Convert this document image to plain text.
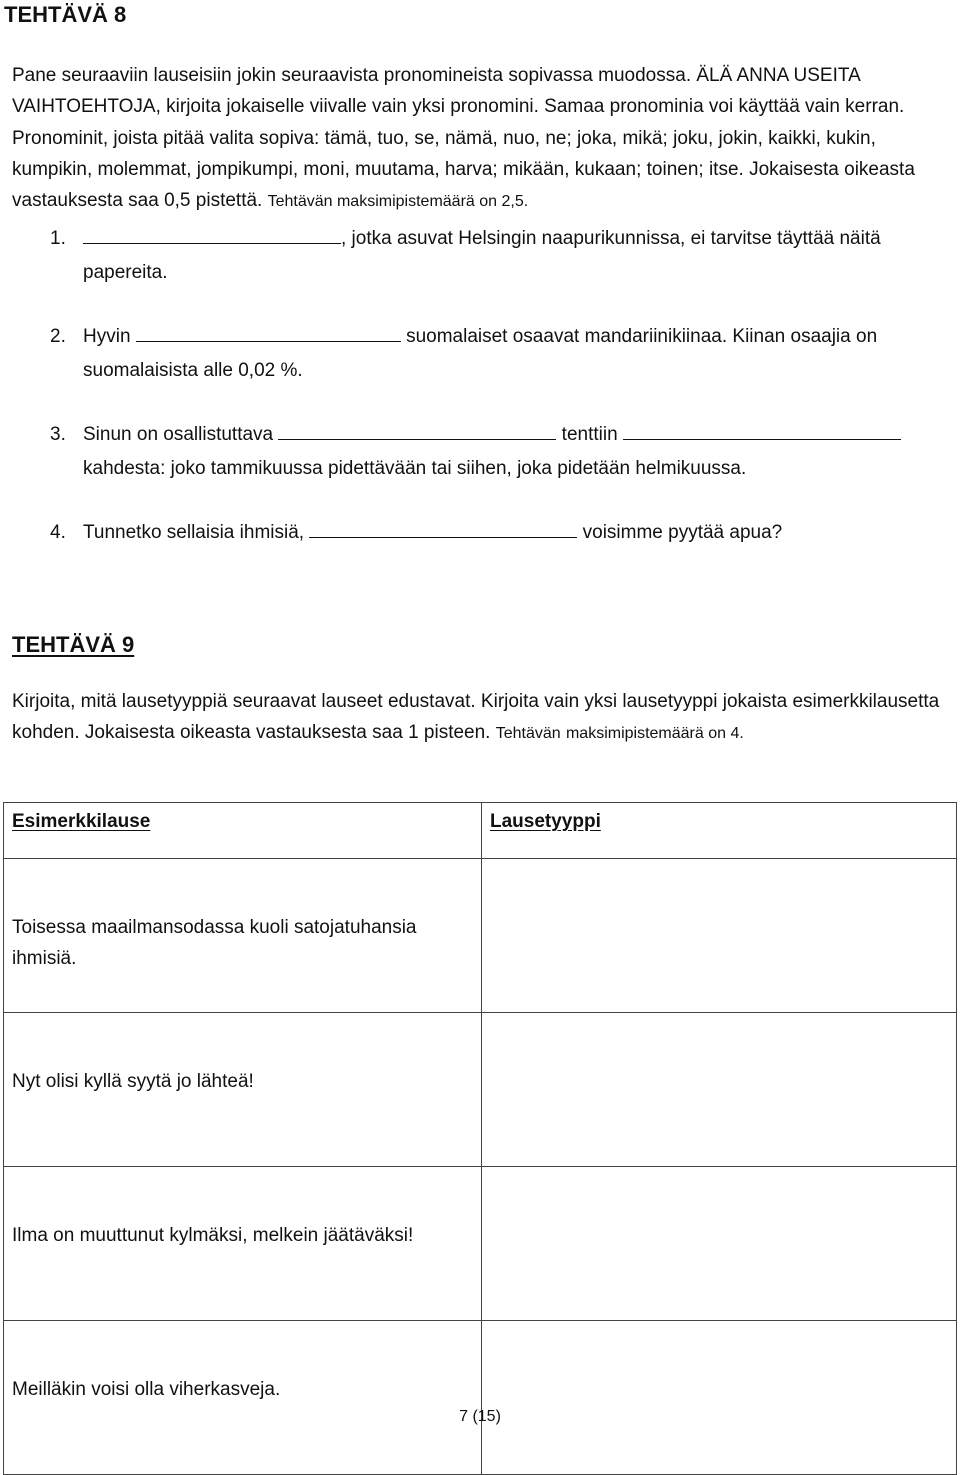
TEHTÄVÄ 8

Pane seuraaviin lauseisiin jokin seuraavista pronomineista sopivassa muodossa. ÄLÄ ANNA USEITA VAIHTOEHTOJA, kirjoita jokaiselle viivalle vain yksi pronomini. Samaa pronominia voi käyttää vain kerran. Pronominit, joista pitää valita sopiva: tämä, tuo, se, nämä, nuo, ne; joka, mikä; joku, jokin, kaikki, kukin, kumpikin, molemmat, jompikumpi, moni, muutama, harva; mikään, kukaan; toinen; itse. Jokaisesta oikeasta vastauksesta saa 0,5 pistettä. Tehtävän maksimipistemäärä on 2,5.

1.	, jotka asuvat Helsingin naapurikunnissa, ei tarvitse täyttää näitä papereita.
2. Hyvin	suomalaiset osaavat mandariinikiinaa. Kiinan osaajia on suomalaisista alle 0,02 %.
3. Sinun on osallistuttava	tenttiin
kahdesta: joko tammikuussa pidettävään tai siihen, joka pidetään helmikuussa.
4. Tunnetko sellaisia ihmisiä,	voisimme pyytää apua?
TEHTÄVÄ 9

Kirjoita, mitä lausetyyppiä seuraavat lauseet edustavat. Kirjoita vain yksi lausetyyppi jokaista esimerkkilausetta kohden. Jokaisesta oikeasta vastauksesta saa 1 pisteen. Tehtävän maksimipistemäärä on 4.

Esimerkkilause	Lausetyyppi
Toisessa maailmansodassa kuoli satojatuhansia ihmisiä.	
Nyt olisi kyllä syytä jo lähteä!	
Ilma on muuttunut kylmäksi, melkein jäätäväksi!	
Meilläkin voisi olla viherkasveja.	
7 (15)
